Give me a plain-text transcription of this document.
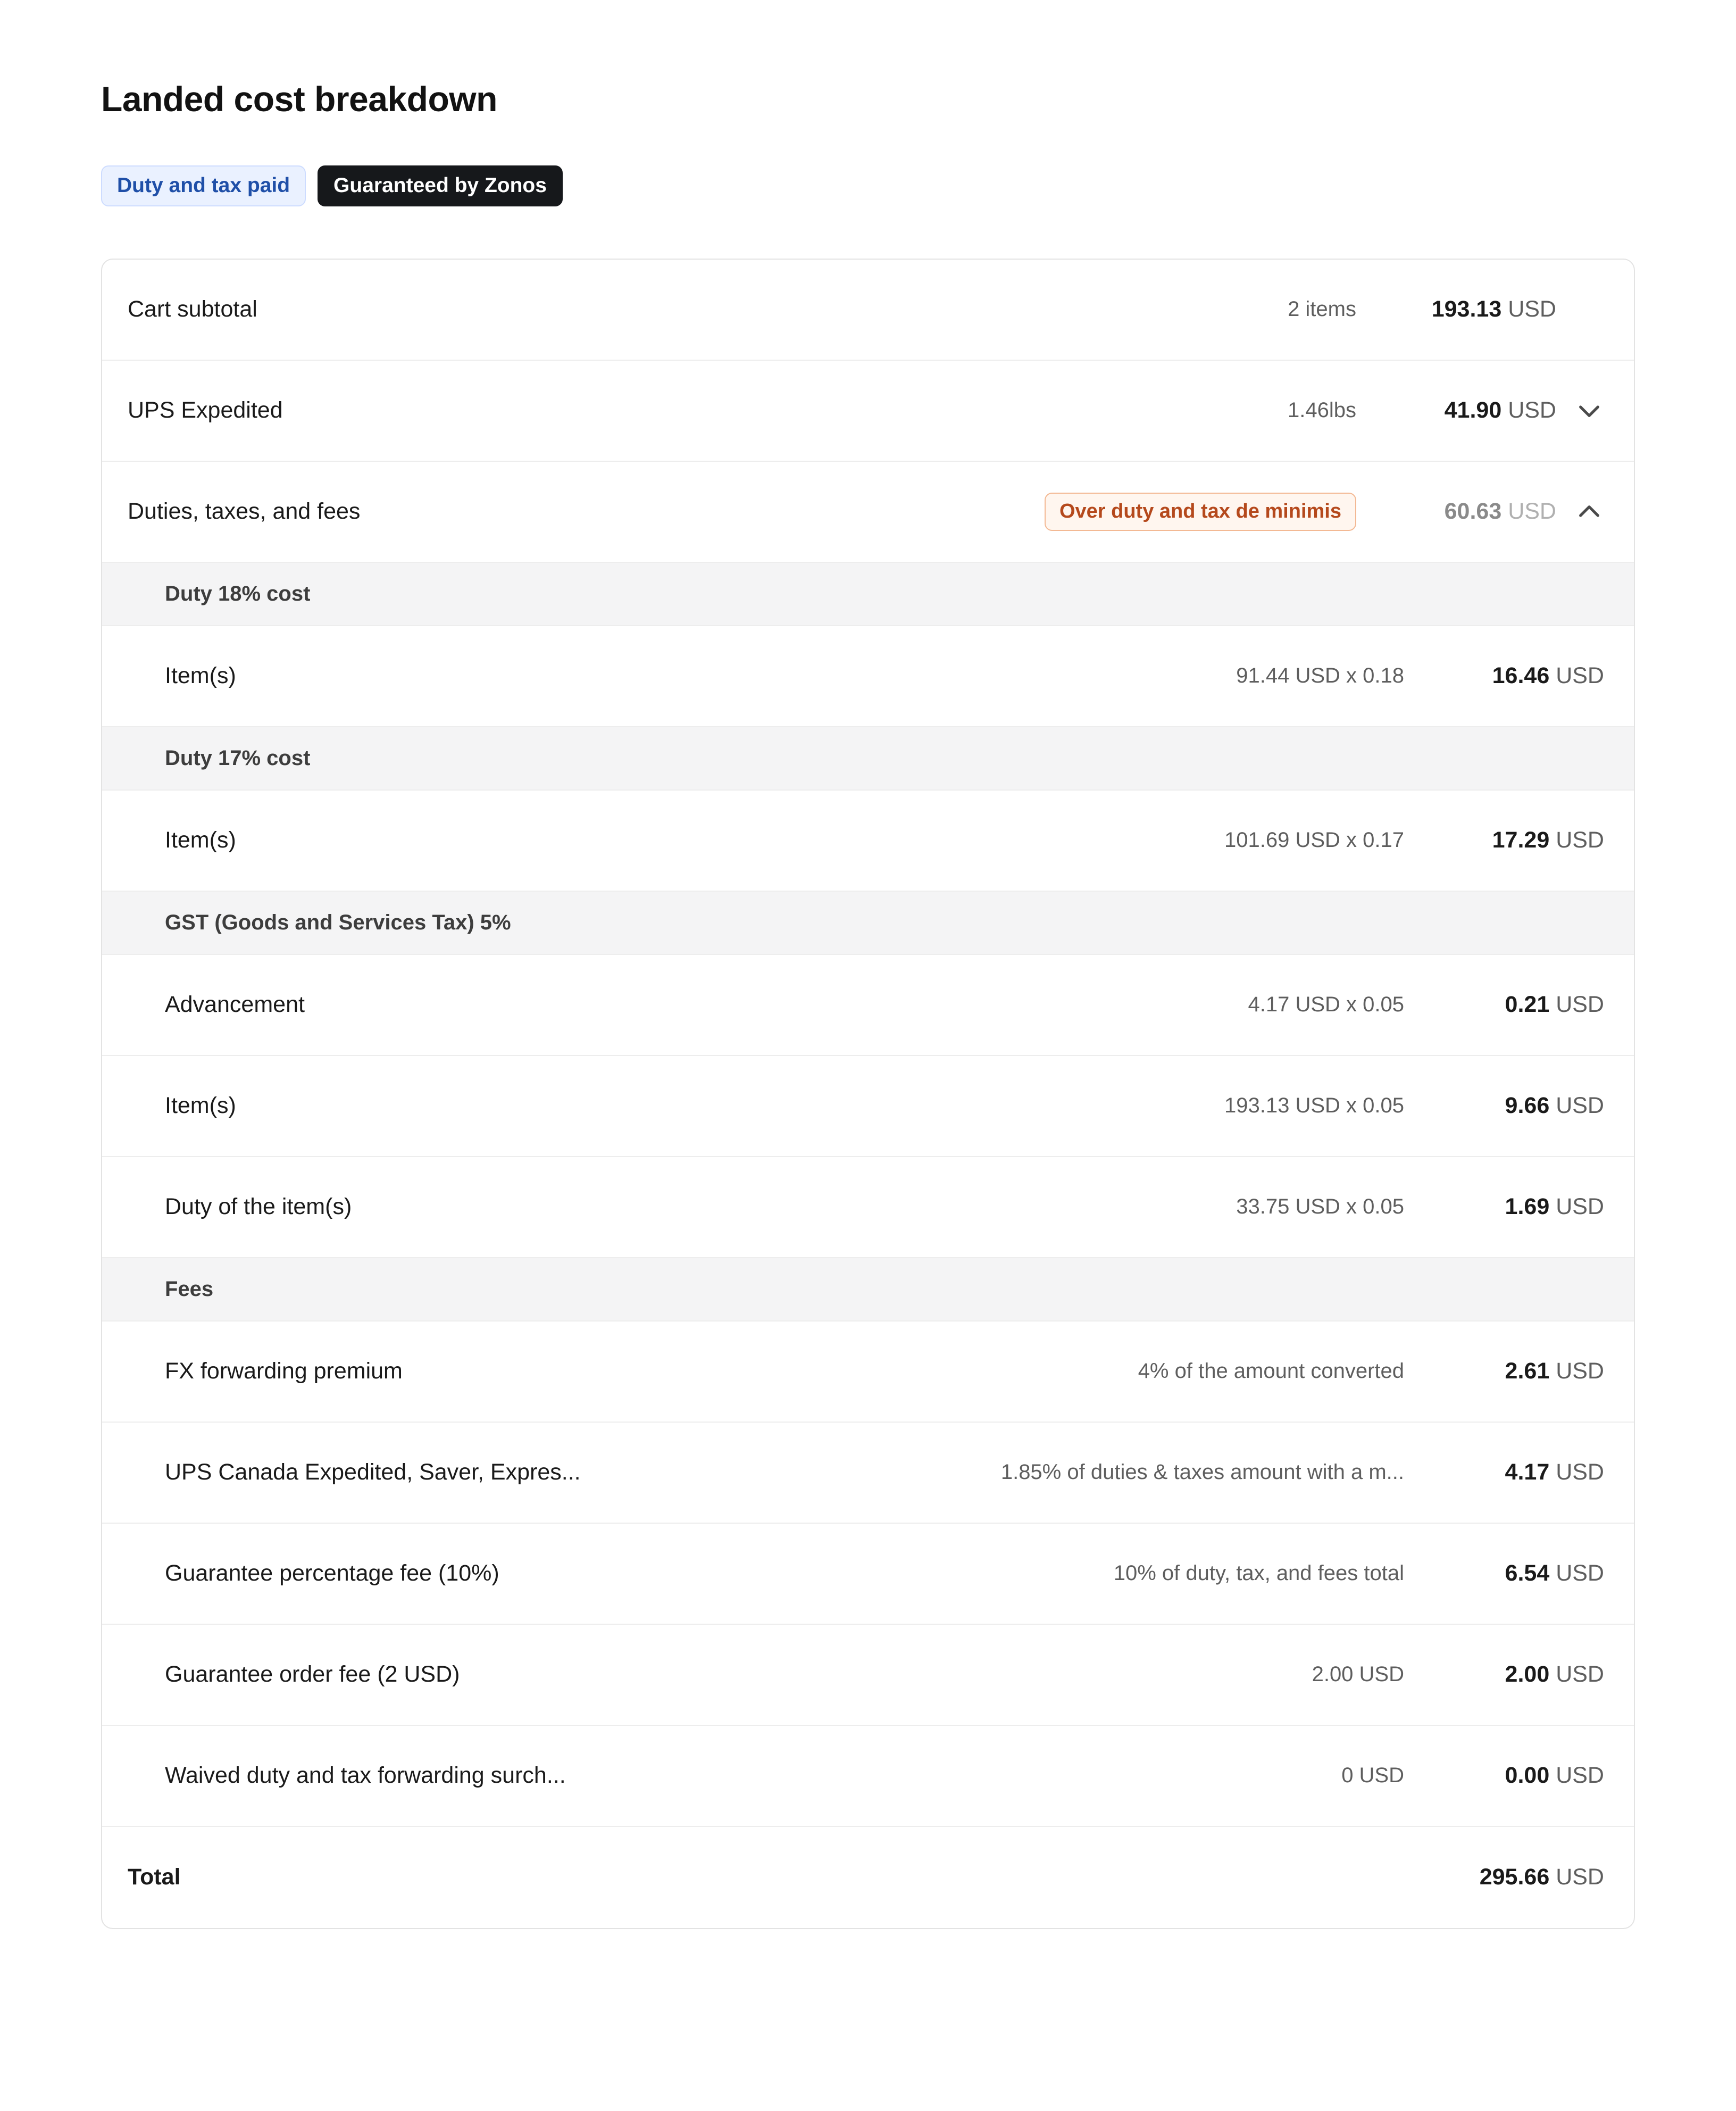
Landed cost breakdown
Duty and tax paid	Guaranteed by Zonos
Cart subtotal	2 items	193.13 USD
UPS Expedited	1.46lbs	41.90 USD
Duties, taxes, and fees	Over duty and tax de minimis	60.63 USD
Duty 18% cost
Item(s)	91.44 USD x 0.18	16.46 USD
Duty 17% cost
Item(s)	101.69 USD x 0.17	17.29 USD
GST (Goods and Services Tax) 5%
Advancement	4.17 USD x 0.05	0.21 USD
Item(s)	193.13 USD x 0.05	9.66 USD
Duty of the item(s)	33.75 USD x 0.05	1.69 USD
Fees
FX forwarding premium	4% of the amount converted	2.61 USD
UPS Canada Expedited, Saver, Expres...	1.85% of duties & taxes amount with a m...	4.17 USD
Guarantee percentage fee (10%)	10% of duty, tax, and fees total	6.54 USD
Guarantee order fee (2 USD)	2.00 USD	2.00 USD
Waived duty and tax forwarding surch...	0 USD	0.00 USD
Total	295.66 USD
